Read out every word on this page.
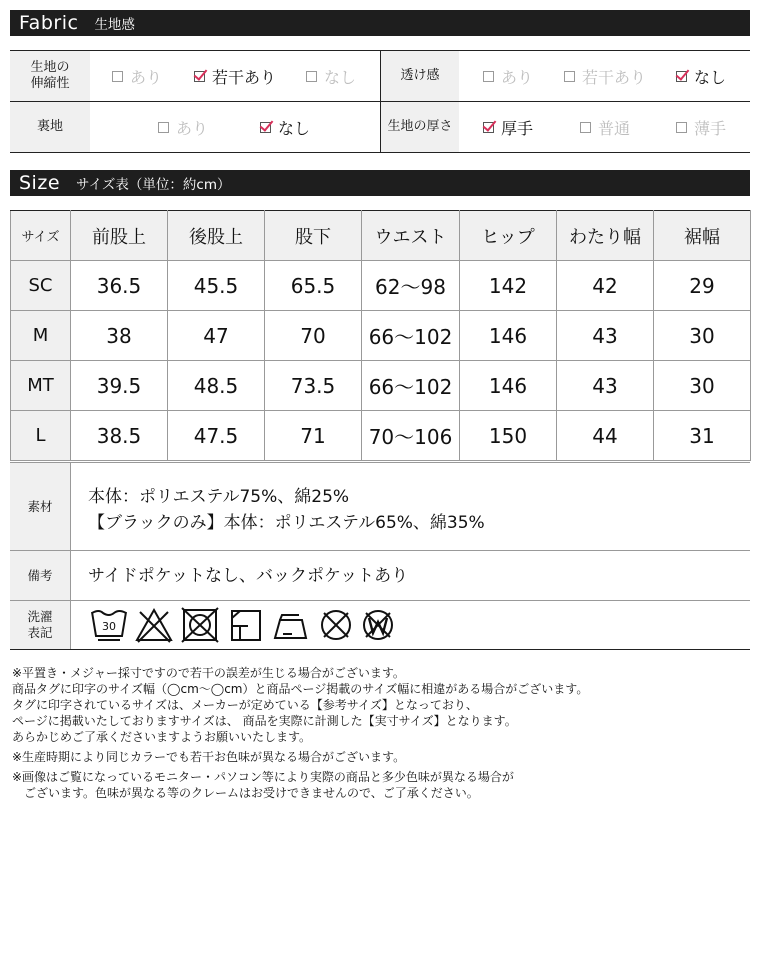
Fabric 生地感
生地の
伸縮性	あり	若干あり	なし	透け感	あり	若干あり	なし
裏地	あり	なし	生地の厚さ	厚手	普通	薄手
Size サイズ表（単位：約cm）
サイズ	前股上	後股上	股下	ウエスト	ヒップ	わたり幅	裾幅
SC	36.5	45.5	65.5	62〜98	142	42	29
M	38	47	70	66〜102	146	43	30
MT	39.5	48.5	73.5	66〜102	146	43	30
L	38.5	47.5	71	70〜106	150	44	31
素材	本体：ポリエステル75%、綿25%
【ブラックのみ】本体：ポリエステル65%、綿35%
備考	サイドポケットなし、バックポケットあり
洗濯
表記	30

※平置き・メジャー採寸ですので若干の誤差が生じる場合がございます。

商品タグに印字のサイズ幅（◯cm〜◯cm）と商品ページ掲載のサイズ幅に相違がある場合がございます。

タグに印字されているサイズは、メーカーが定めている【参考サイズ】となっており、

ページに掲載いたしておりますサイズは、 商品を実際に計測した【実寸サイズ】となります。

あらかじめご了承くださいますようお願いいたします。

※生産時期により同じカラーでも若干お色味が異なる場合がございます。

※画像はご覧になっているモニター・パソコン等により実際の商品と多少色味が異なる場合が

　ございます。色味が異なる等のクレームはお受けできませんので、ご了承ください。
